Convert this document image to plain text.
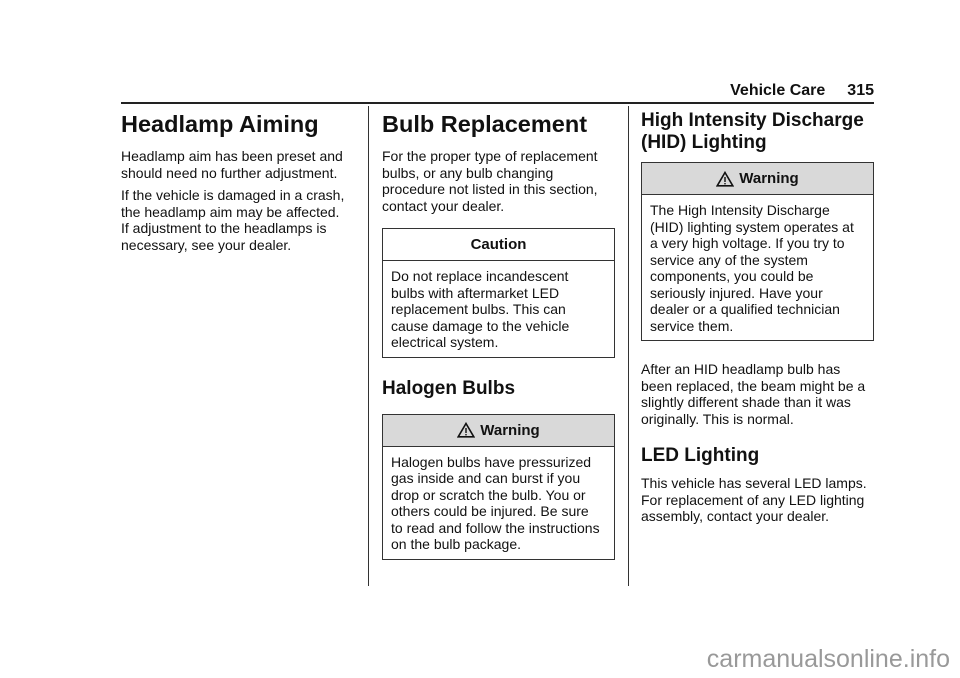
Vehicle Care 315
Headlamp Aiming

Headlamp aim has been preset and
should need no further adjustment.

If the vehicle is damaged in a crash,
the headlamp aim may be affected.
If adjustment to the headlamps is
necessary, see your dealer.

Bulb Replacement

For the proper type of replacement
bulbs, or any bulb changing
procedure not listed in this section,
contact your dealer.

Caution
Do not replace incandescent
bulbs with aftermarket LED
replacement bulbs. This can
cause damage to the vehicle
electrical system.
Halogen Bulbs
Warning
Halogen bulbs have pressurized
gas inside and can burst if you
drop or scratch the bulb. You or
others could be injured. Be sure
to read and follow the instructions
on the bulb package.
High Intensity Discharge
(HID) Lighting
Warning
The High Intensity Discharge
(HID) lighting system operates at
a very high voltage. If you try to
service any of the system
components, you could be
seriously injured. Have your
dealer or a qualified technician
service them.

After an HID headlamp bulb has
been replaced, the beam might be a
slightly different shade than it was
originally. This is normal.

LED Lighting

This vehicle has several LED lamps.
For replacement of any LED lighting
assembly, contact your dealer.

carmanualsonline.info
